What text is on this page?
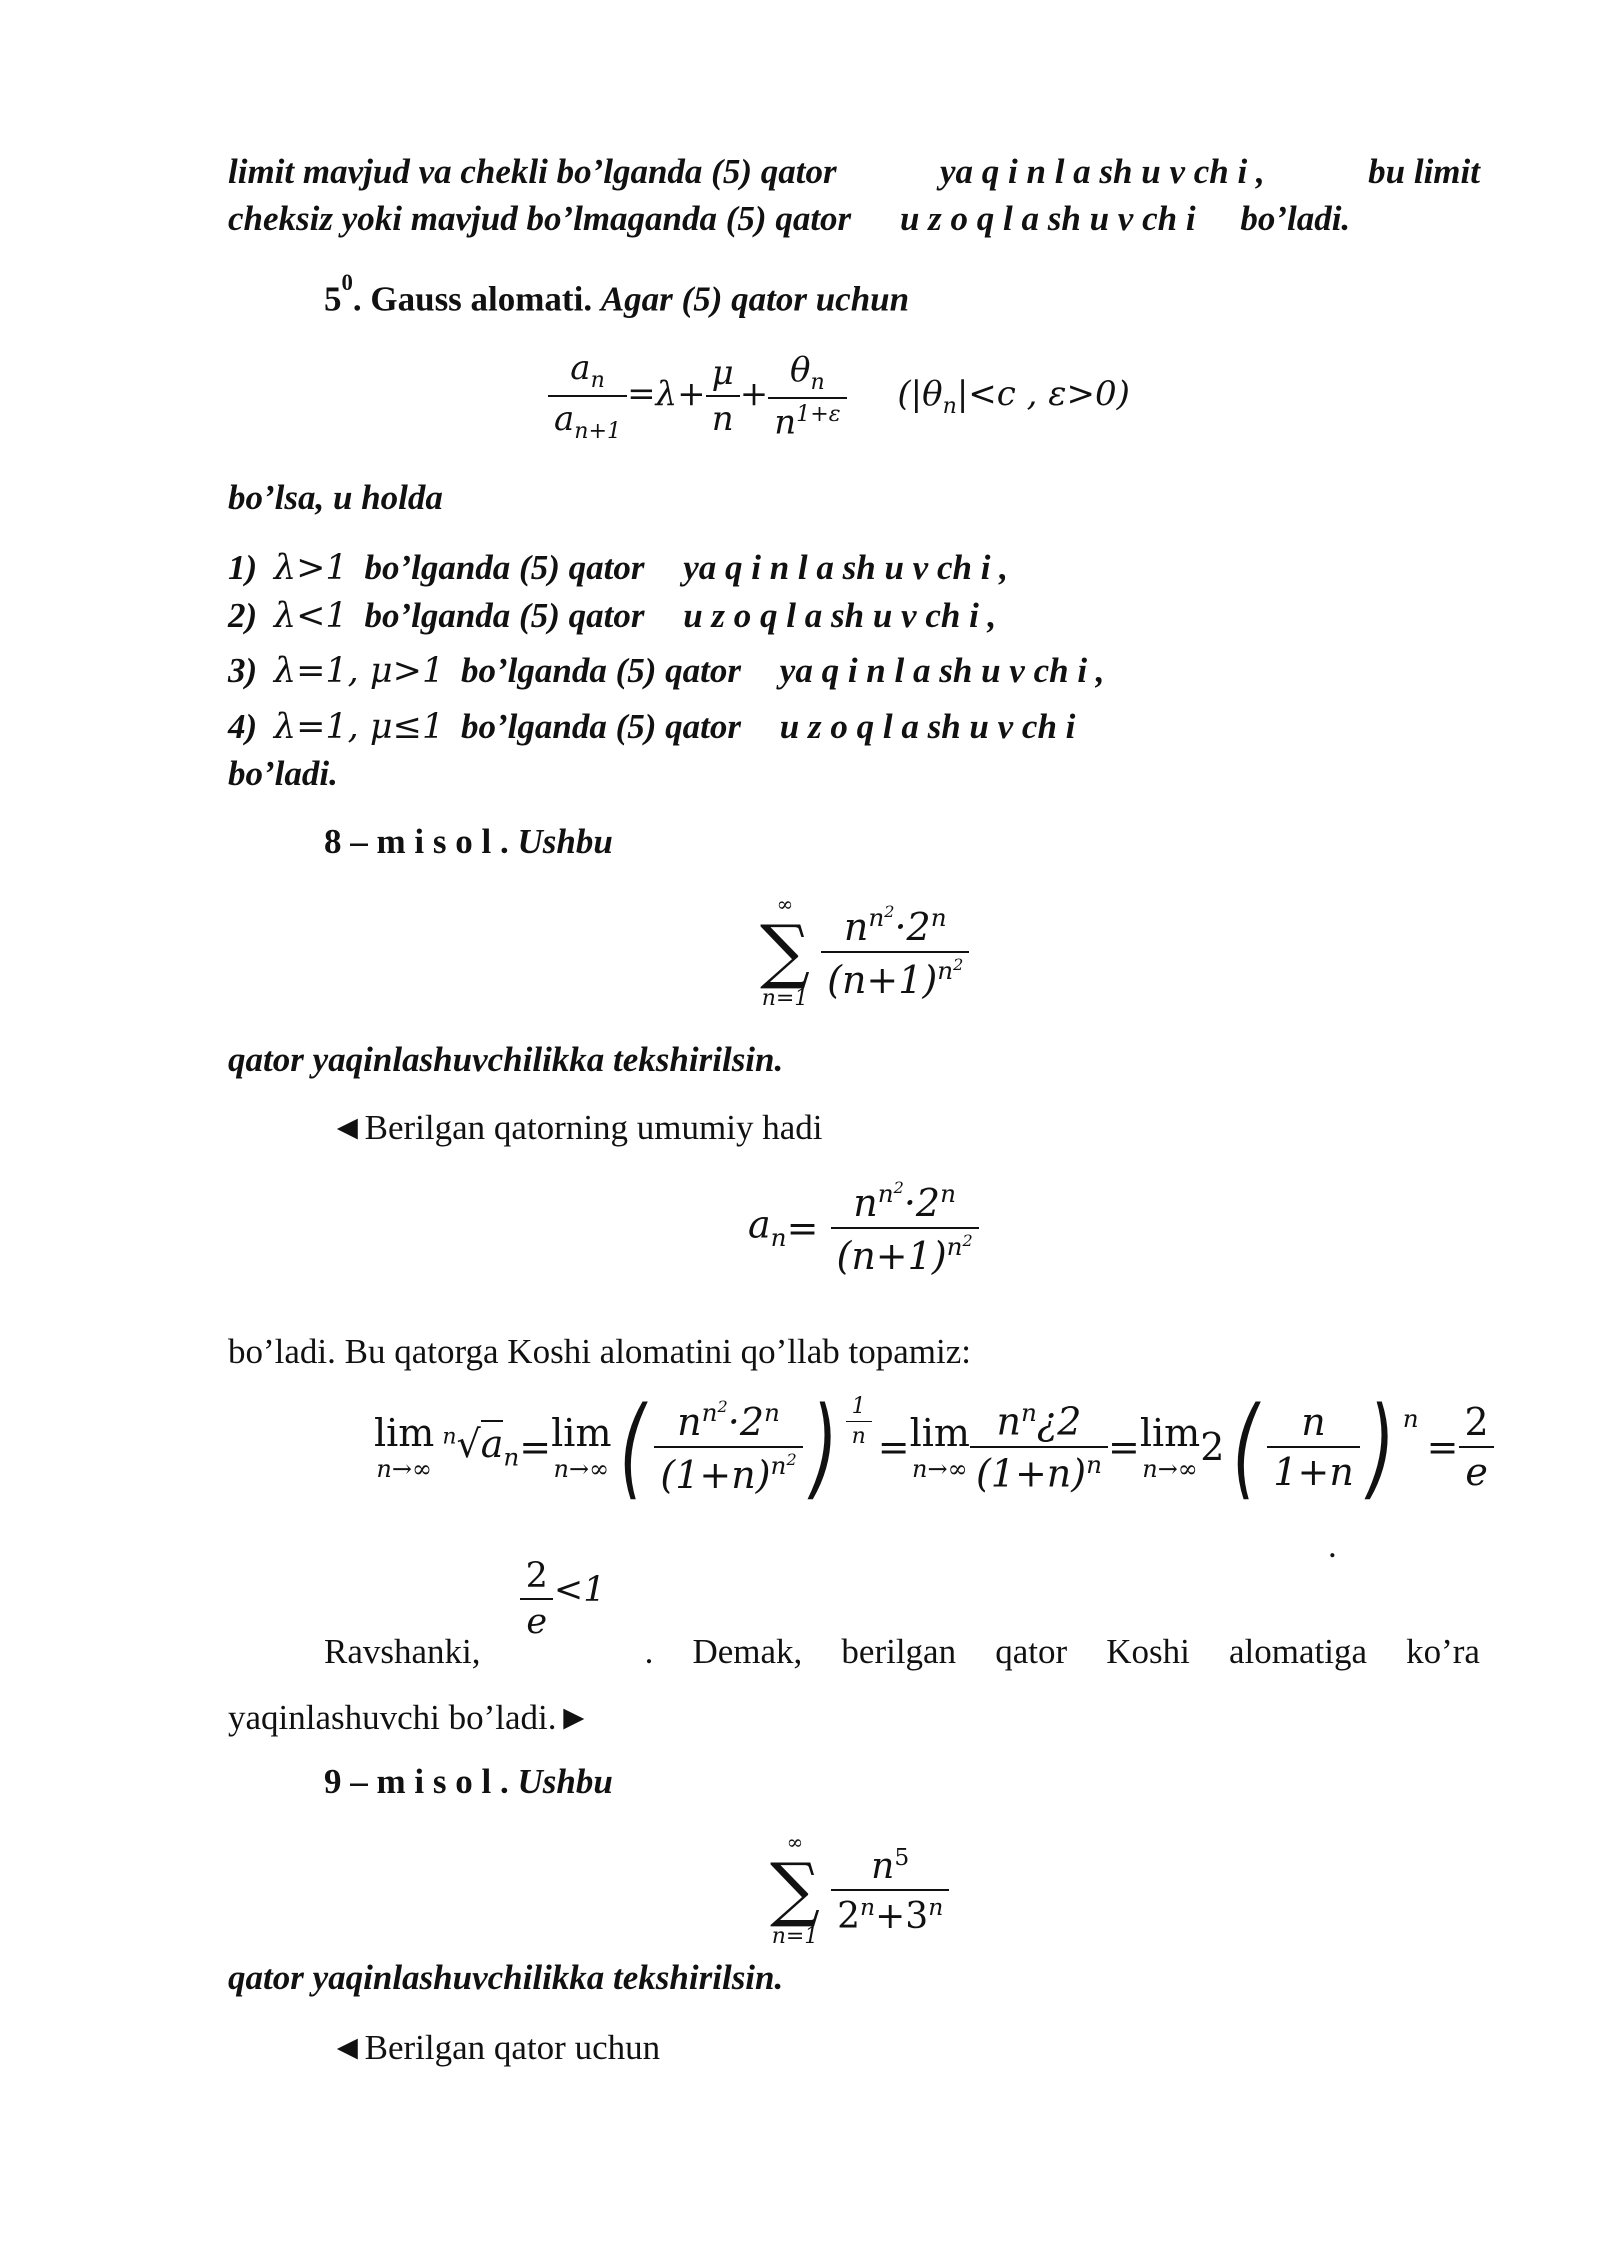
limit mavjud va chekli bo’lganda (5) qator	ya q i n l a sh u v ch i ,	bu limit
cheksiz yoki mavjud bo’lmaganda (5) qator u z o q l a sh u v ch i bo’ladi.
$5^0$. Gauss alomati. Agar (5) qator uchun
$\frac{a_n}{a_{n+1}} =\lambda+ \frac{\mu}{n} + \frac{\theta_n}{n^{1+\varepsilon}} (|\theta_n|<c$ , ε>0)
bo’lsa, u holda
1) λ>1 bo’lganda (5) qator ya q i n l a sh u v ch i ,
2) λ<1 bo’lganda (5) qator u z o q l a sh u v ch i ,
3) λ=1, μ>1 bo’lganda (5) qator ya q i n l a sh u v ch i ,
4) λ=1, μ≤1 bo’lganda (5) qator u z o q l a sh u v ch i
bo’ladi.
8 – m i s o l . Ushbu
∞
∑
n=1
$\frac{n^{n^2}\cdot 2^n}{(n+1)^{n^2}}$
qator yaqinlashuvchilikka tekshirilsin.
◄Berilgan qatorning umumiy hadi
$a_n= \frac{n^{n^2}\cdot 2^n}{(n+1)^{n^2}}$
bo’ladi. Bu qatorga Koshi alomatini qo’llab topamiz:
lim
n→∞
$^n√a_n = \lim$
n→∞ ( $\frac{n^{n^2}\cdot 2^n}{(1+n)^{n^2}}$ ) $\frac{1}{n} = \lim$
$n\to\infty \frac{n^n¿2}{(1+n)^n} = \lim$
n→∞ 2 ( $\frac{n}{1+n}$ ) $^n$
= $\frac{2}{e}$
.
Ravshanki,
$\frac{2}{e} <1$
. Demak, berilgan qator Koshi alomatiga ko’ra
yaqinlashuvchi bo’ladi.►
9 – m i s o l . Ushbu
∞
∑
n=1
$\frac{n^5}{2^n+3^n}$
qator yaqinlashuvchilikka tekshirilsin.
◄Berilgan qator uchun
